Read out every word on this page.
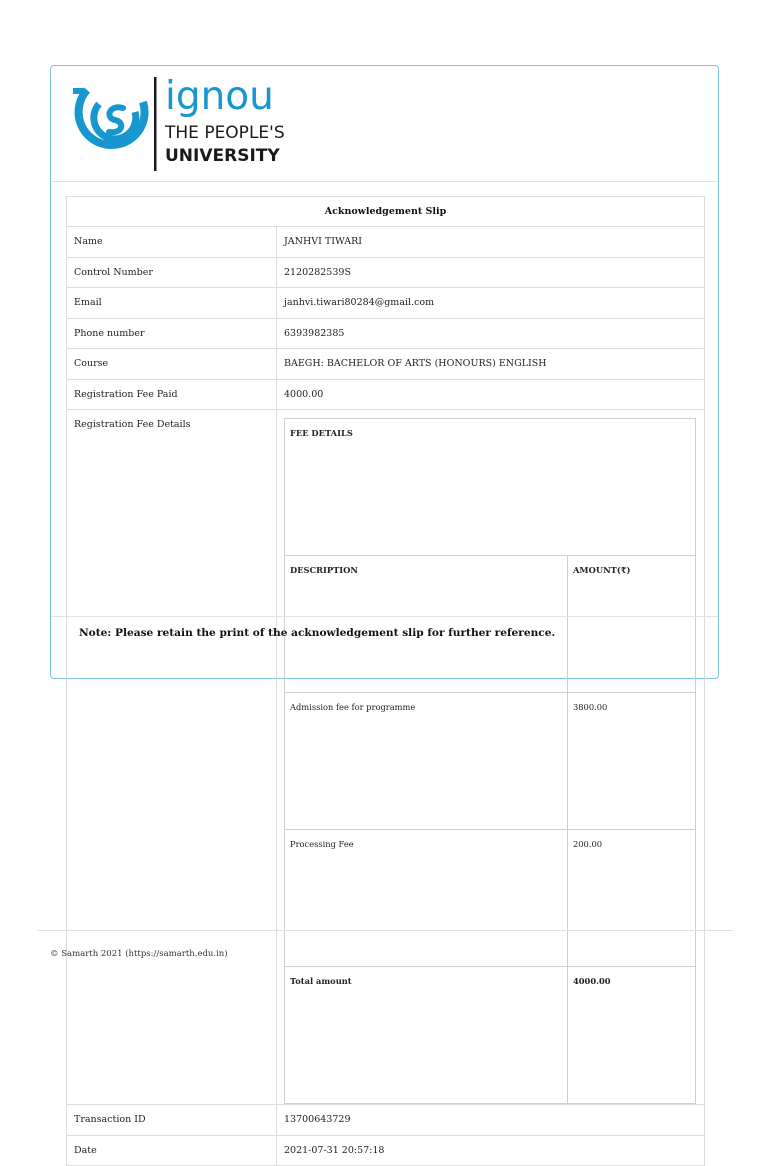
ignou
THE PEOPLE'S
UNIVERSITY
Acknowledgement Slip
Name	JANHVI TIWARI
Control Number	2120282539S
Email	janhvi.tiwari80284@gmail.com
Phone number	6393982385
Course	BAEGH: BACHELOR OF ARTS (HONOURS) ENGLISH
Registration Fee Paid	4000.00
Registration Fee Details	
FEE DETAILS
DESCRIPTION	AMOUNT(₹)
Admission fee for programme	3800.00
Processing Fee	200.00
Total amount	4000.00

Transaction ID	13700643729
Date	2021-07-31 20:57:18
Note: Please retain the print of the acknowledgement slip for further reference.
© Samarth 2021 (https://samarth.edu.in)
